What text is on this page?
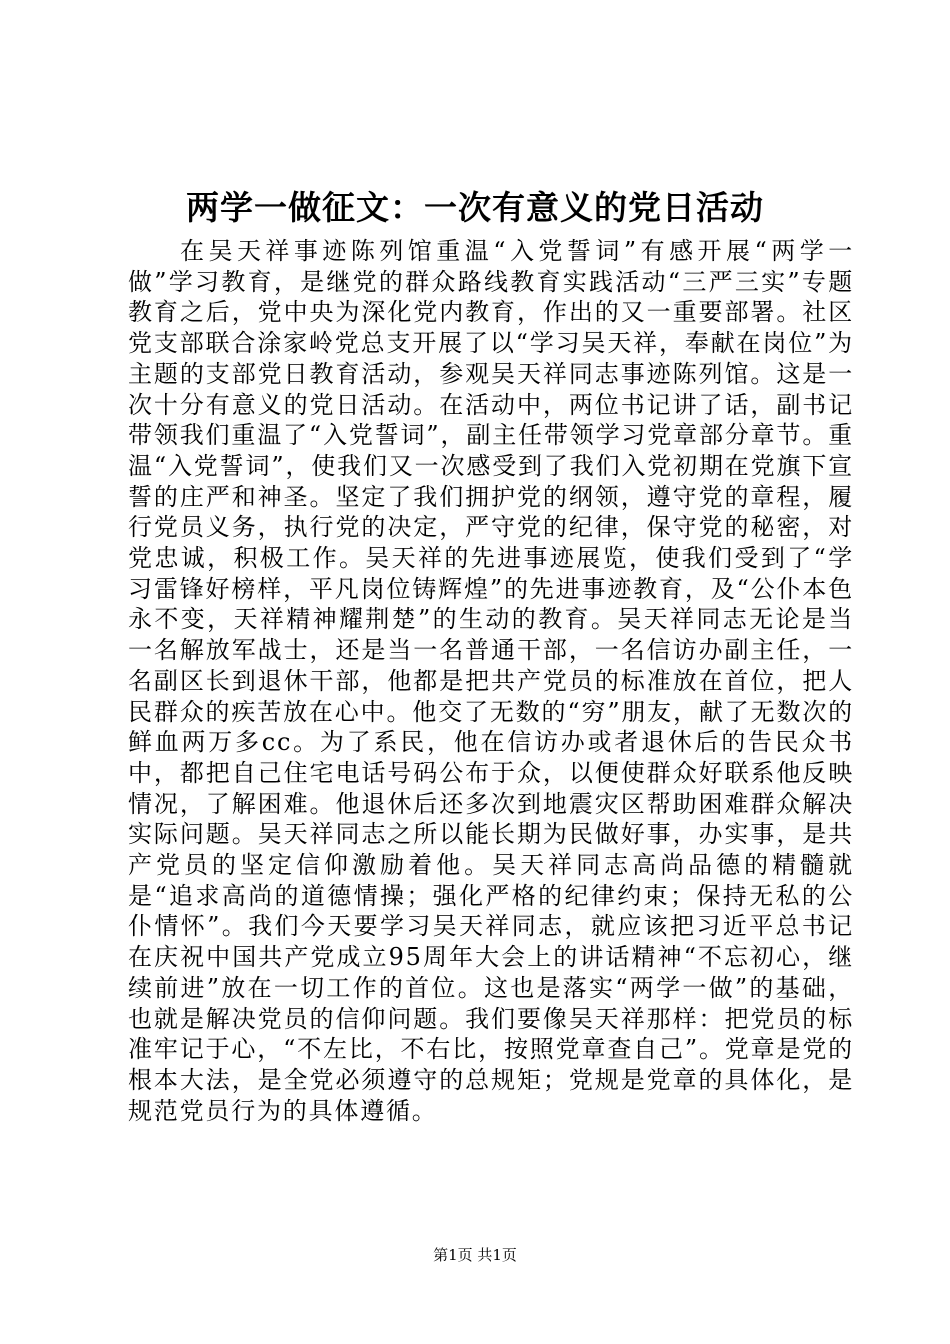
两学一做征文：一次有意义的党日活动

在吴天祥事迹陈列馆重温“入党誓词”有感开展“两学一做”学习教育，是继党的群众路线教育实践活动“三严三实”专题教育之后，党中央为深化党内教育，作出的又一重要部署。社区党支部联合涂家岭党总支开展了以“学习吴天祥，奉献在岗位”为主题的支部党日教育活动，参观吴天祥同志事迹陈列馆。这是一次十分有意义的党日活动。在活动中，两位书记讲了话，副书记带领我们重温了“入党誓词”，副主任带领学习党章部分章节。重温“入党誓词”，使我们又一次感受到了我们入党初期在党旗下宣誓的庄严和神圣。坚定了我们拥护党的纲领，遵守党的章程，履行党员义务，执行党的决定，严守党的纪律，保守党的秘密，对党忠诚，积极工作。吴天祥的先进事迹展览，使我们受到了“学习雷锋好榜样，平凡岗位铸辉煌”的先进事迹教育，及“公仆本色永不变，天祥精神耀荆楚”的生动的教育。吴天祥同志无论是当一名解放军战士，还是当一名普通干部，一名信访办副主任，一名副区长到退休干部，他都是把共产党员的标准放在首位，把人民群众的疾苦放在心中。他交了无数的“穷”朋友，献了无数次的鲜血两万多cc。为了系民，他在信访办或者退休后的告民众书中，都把自己住宅电话号码公布于众，以便使群众好联系他反映情况，了解困难。他退休后还多次到地震灾区帮助困难群众解决实际问题。吴天祥同志之所以能长期为民做好事，办实事，是共产党员的坚定信仰激励着他。吴天祥同志高尚品德的精髓就是“追求高尚的道德情操；强化严格的纪律约束；保持无私的公仆情怀”。我们今天要学习吴天祥同志，就应该把习近平总书记在庆祝中国共产党成立95周年大会上的讲话精神“不忘初心，继续前进”放在一切工作的首位。这也是落实“两学一做”的基础，也就是解决党员的信仰问题。我们要像吴天祥那样：把党员的标准牢记于心，“不左比，不右比，按照党章查自己”。党章是党的根本大法，是全党必须遵守的总规矩；党规是党章的具体化，是规范党员行为的具体遵循。

第1页 共1页
